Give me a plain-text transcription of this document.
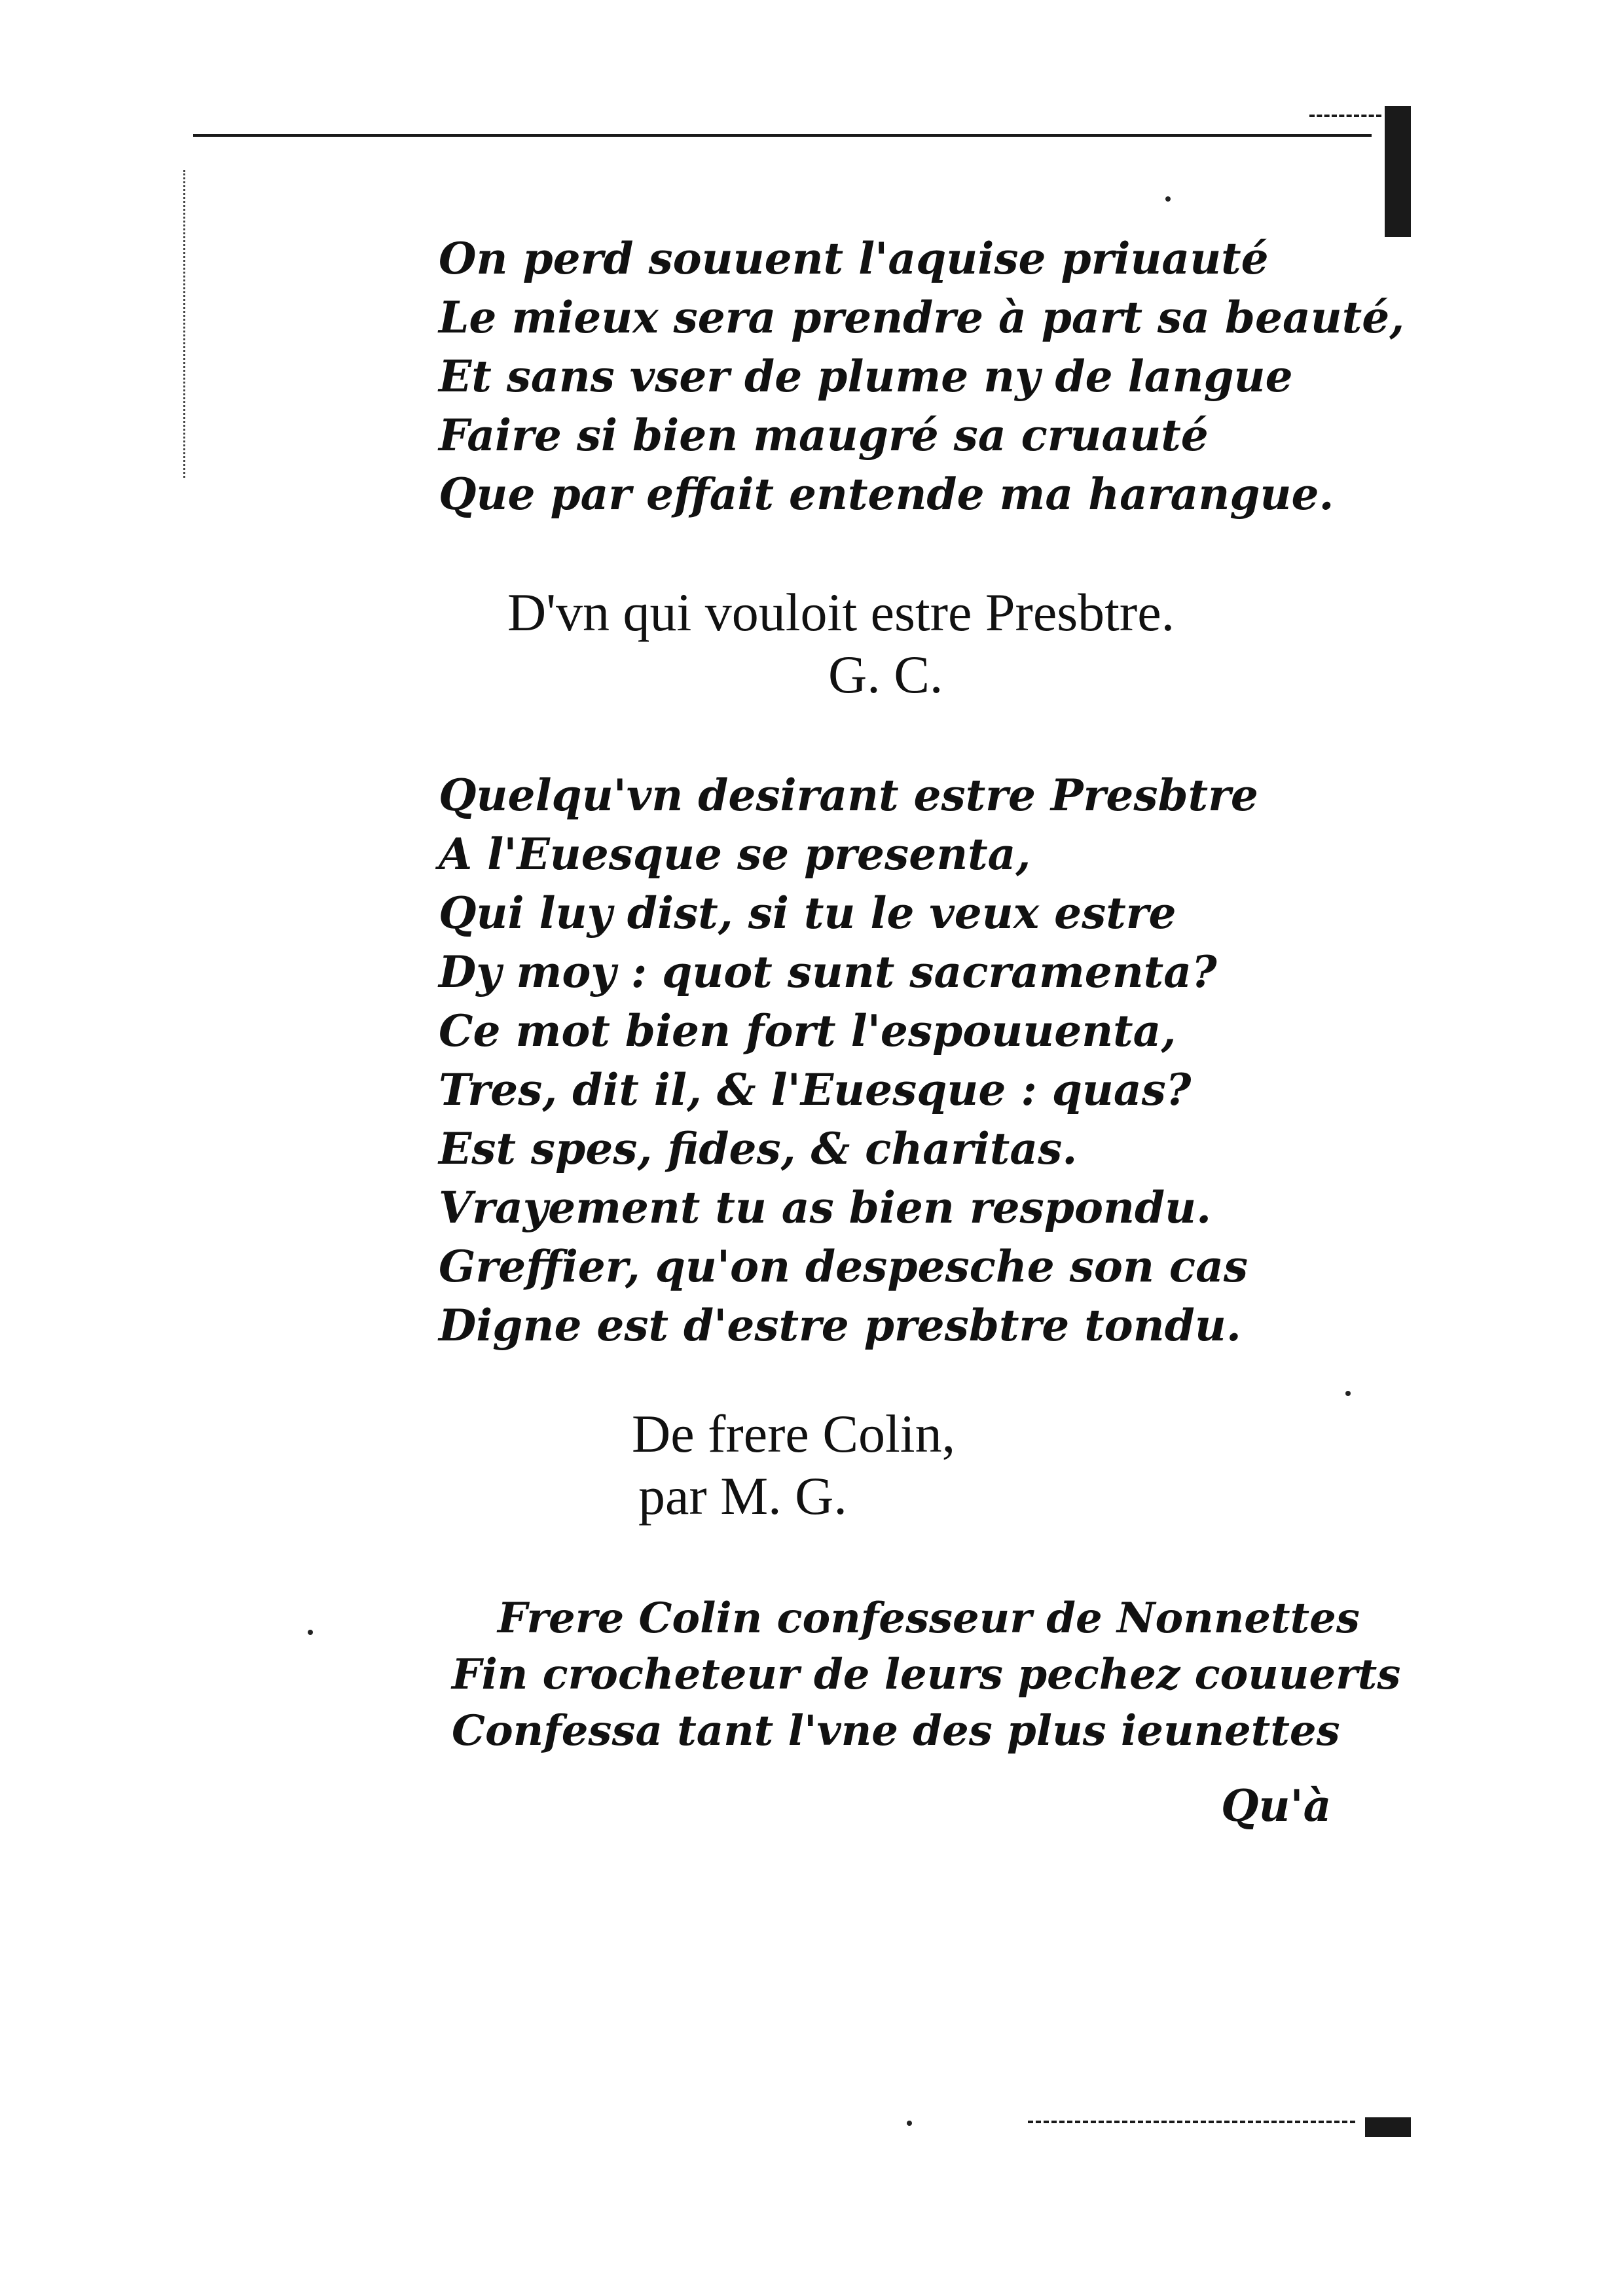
On perd souuent l'aquise priuauté
Le mieux sera prendre à part sa beauté,
Et sans vser de plume ny de langue
Faire si bien maugré sa cruauté
Que par effait entende ma harangue.
D'vn qui vouloit estre Presbtre.
G. C.
Quelqu'vn desirant estre Presbtre
A l'Euesque se presenta,
Qui luy dist, si tu le veux estre
Dy moy : quot sunt sacramenta?
Ce mot bien fort l'espouuenta,
Tres, dit il, & l'Euesque : quas?
Est spes, fides, & charitas.
Vrayement tu as bien respondu.
Greffier, qu'on despesche son cas
Digne est d'estre presbtre tondu.
De frere Colin,
par M. G.
Frere Colin confesseur de Nonnettes
Fin crocheteur de leurs pechez couuerts
Confessa tant l'vne des plus ieunettes
Qu'à
